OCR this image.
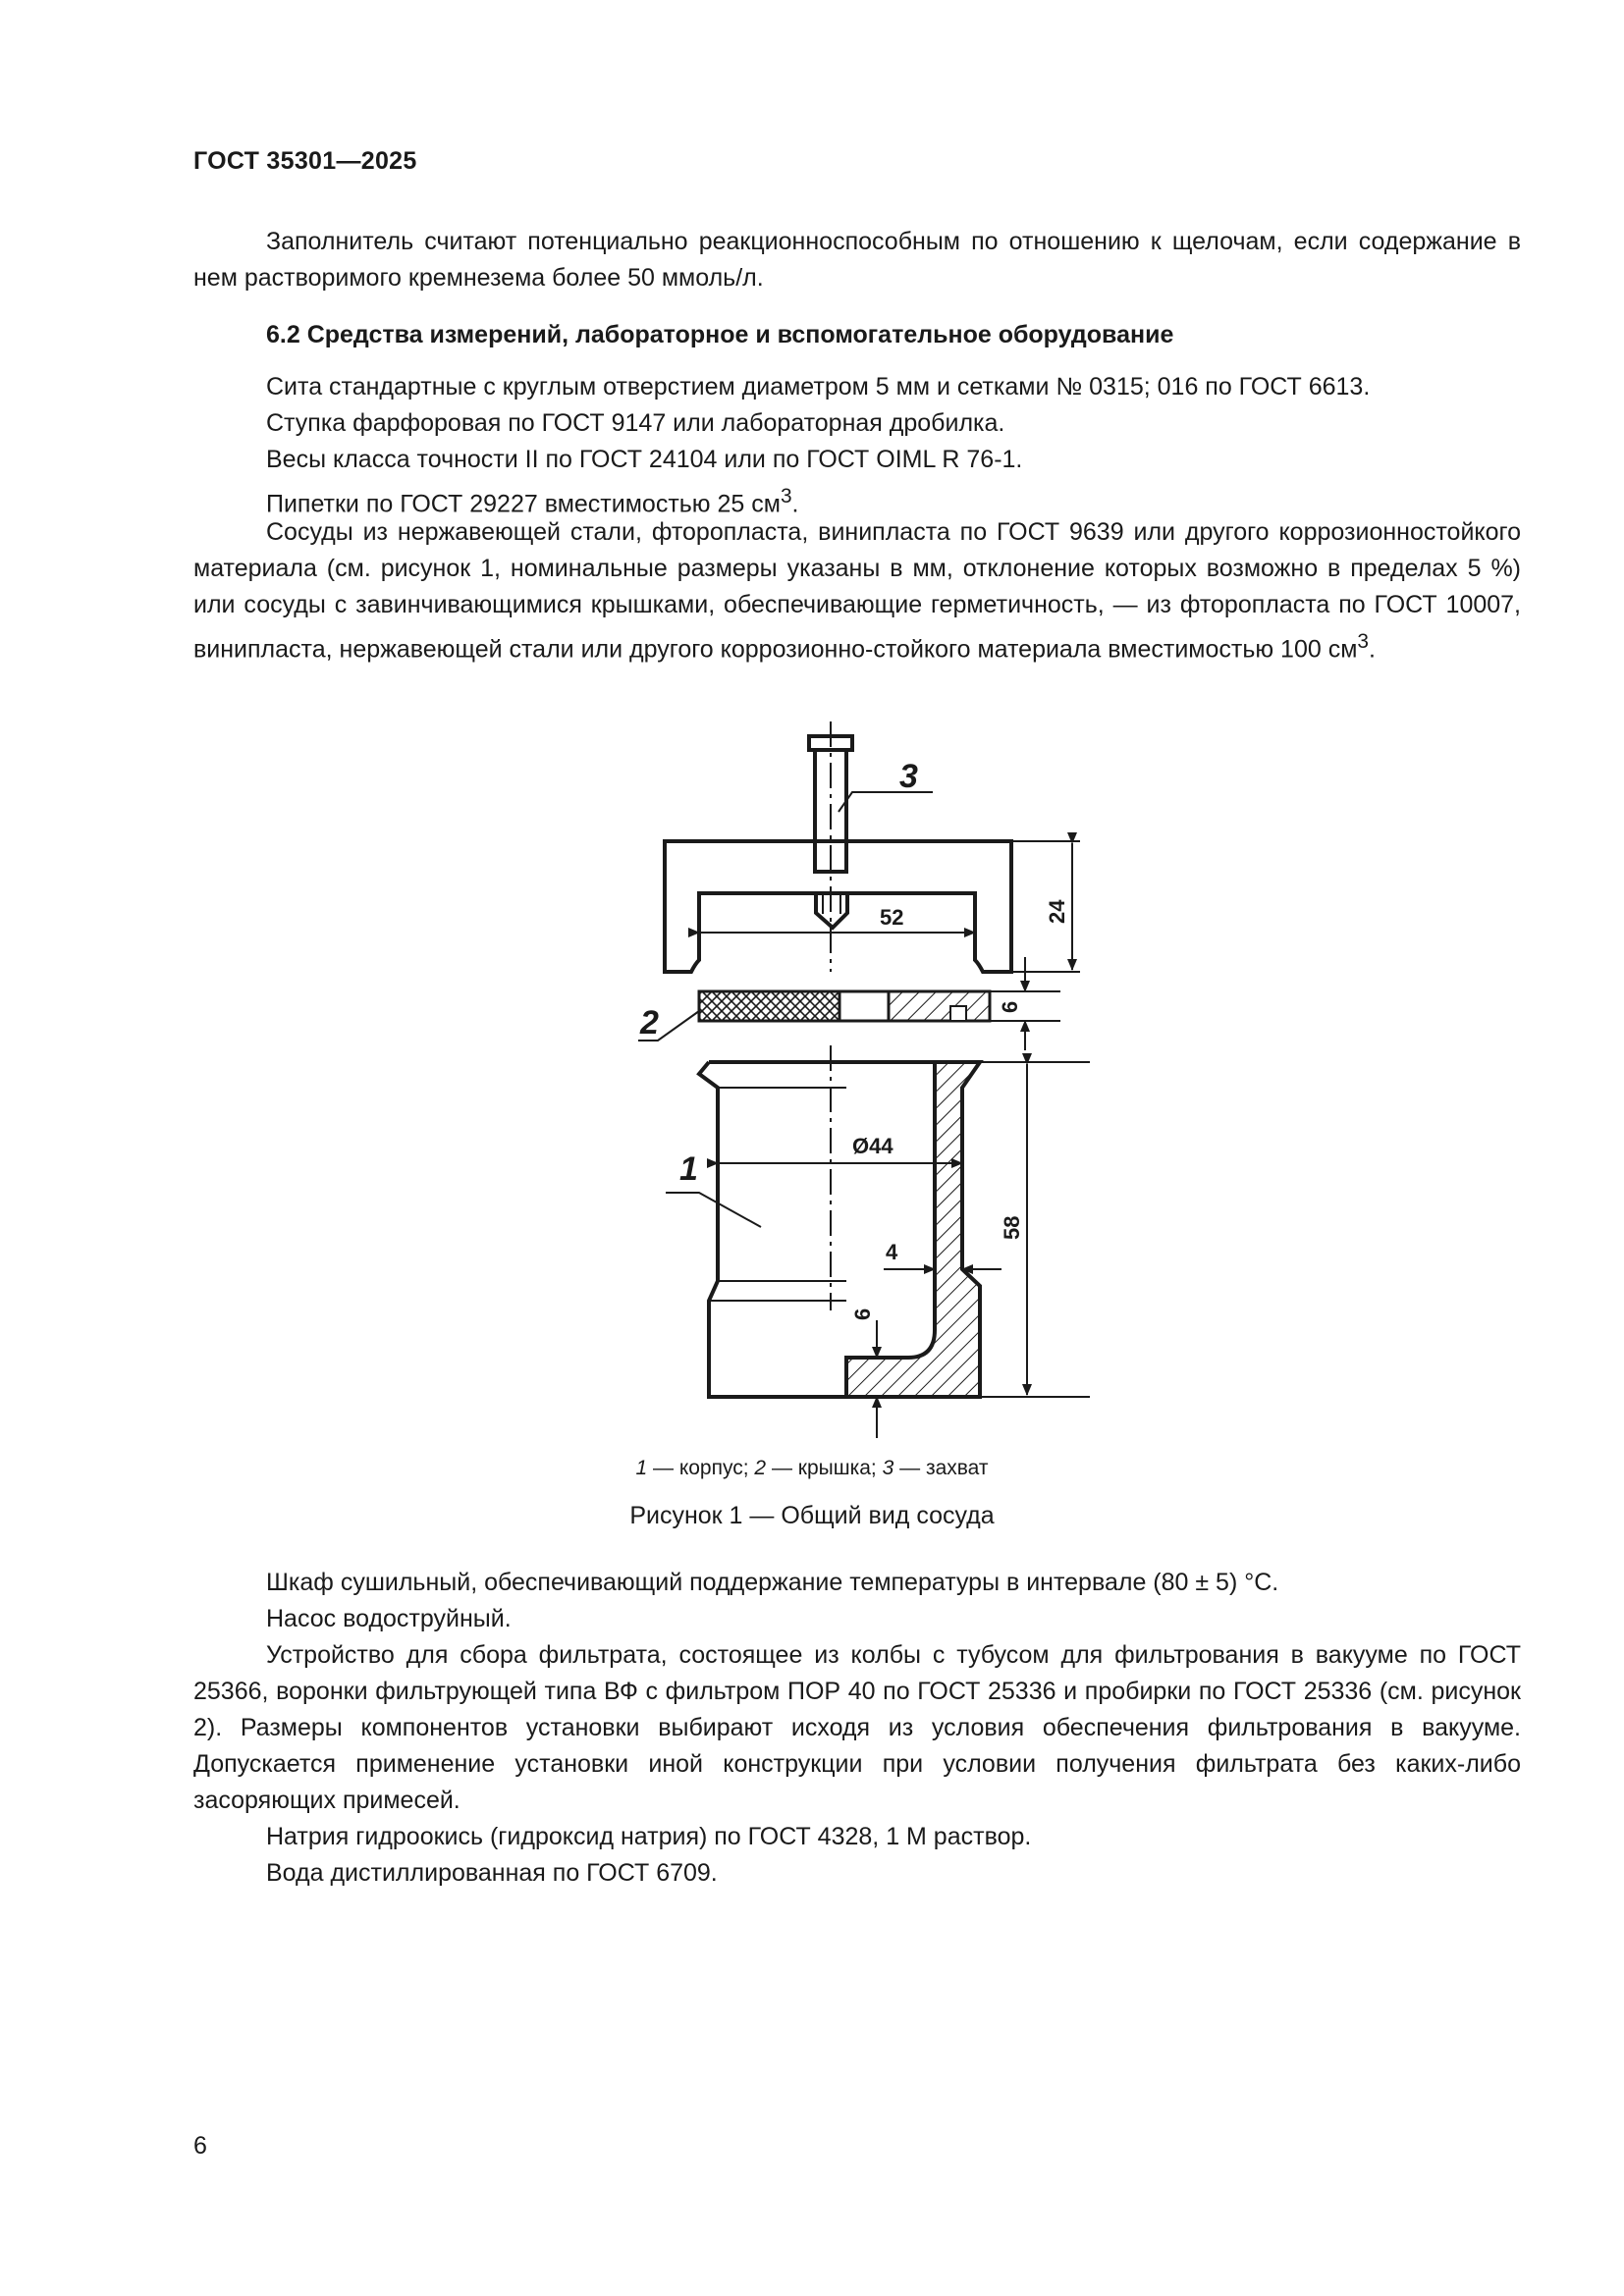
ГОСТ 35301—2025
Заполнитель считают потенциально реакционноспособным по отношению к щелочам, если содержание в нем растворимого кремнезема более 50 ммоль/л.
6.2 Средства измерений, лабораторное и вспомогательное оборудование
Сита стандартные с круглым отверстием диаметром 5 мм и сетками № 0315; 016 по ГОСТ 6613.
Ступка фарфоровая по ГОСТ 9147 или лабораторная дробилка.
Весы класса точности II по ГОСТ 24104 или по ГОСТ OIML R 76-1.
Пипетки по ГОСТ 29227 вместимостью 25 $см^3$.
Сосуды из нержавеющей стали, фторопласта, винипласта по ГОСТ 9639 или другого коррозионностойкого материала (см. рисунок 1, номинальные размеры указаны в мм, отклонение которых возможно в пределах 5 %) или сосуды с завинчивающимися крышками, обеспечивающие герметичность, — из фторопласта по ГОСТ 10007, винипласта, нержавеющей стали или другого коррозионно-стойкого материала вместимостью 100 $см^3$.
52	24
6
Ø44
58
4
6
3
2
1
1 — корпус; 2 — крышка; 3 — захват
Рисунок 1 — Общий вид сосуда
Шкаф сушильный, обеспечивающий поддержание температуры в интервале (80 ± 5) °С.
Насос водоструйный.
Устройство для сбора фильтрата, состоящее из колбы с тубусом для фильтрования в вакууме по ГОСТ 25366, воронки фильтрующей типа ВФ с фильтром ПОР 40 по ГОСТ 25336 и пробирки по ГОСТ 25336 (см. рисунок 2). Размеры компонентов установки выбирают исходя из условия обеспечения фильтрования в вакууме. Допускается применение установки иной конструкции при условии получения фильтрата без каких-либо засоряющих примесей.
Натрия гидроокись (гидроксид натрия) по ГОСТ 4328, 1 М раствор.
Вода дистиллированная по ГОСТ 6709.
6
